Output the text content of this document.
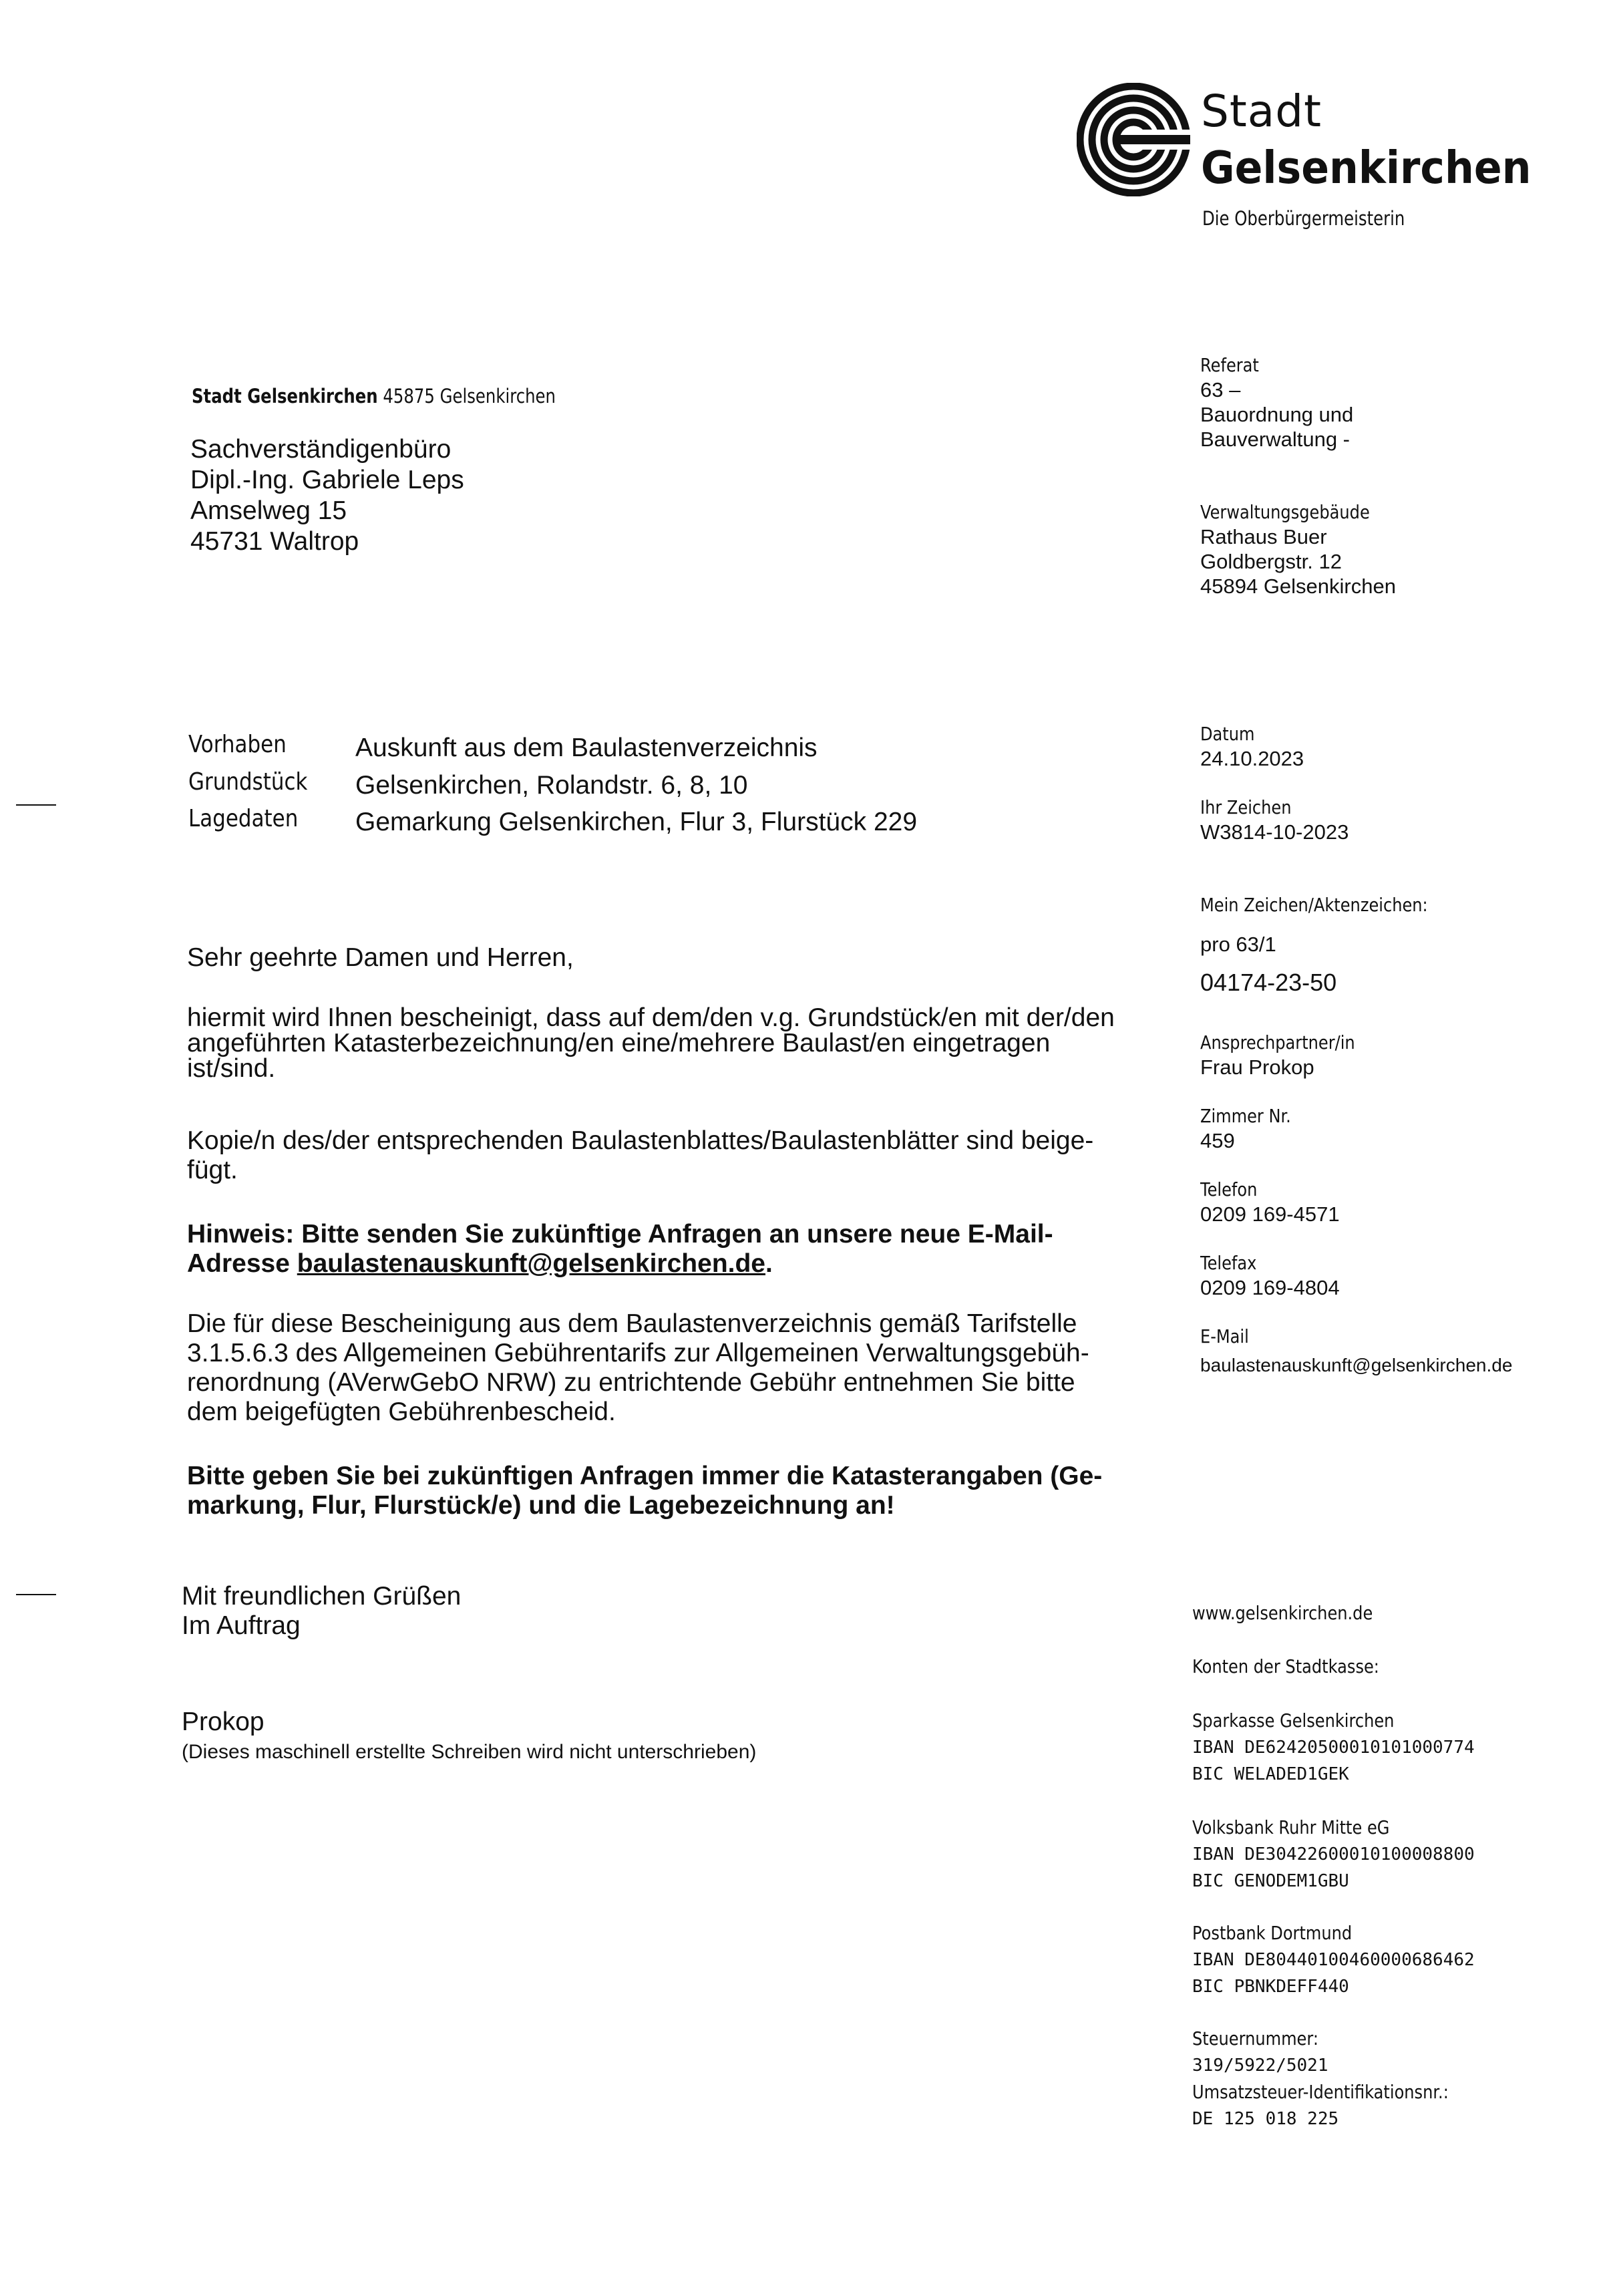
Stadt
Gelsenkirchen
Die Oberbürgermeisterin
Stadt Gelsenkirchen 45875 Gelsenkirchen
Sachverständigenbüro
Dipl.-Ing. Gabriele Leps
Amselweg 15
45731 Waltrop
Referat
63 –
Bauordnung und
Bauverwaltung -
Verwaltungsgebäude
Rathaus Buer
Goldbergstr. 12
45894 Gelsenkirchen
Vorhaben	Auskunft aus dem Baulastenverzeichnis
Grundstück Gelsenkirchen, Rolandstr. 6, 8, 10
Lagedaten Gemarkung Gelsenkirchen, Flur 3, Flurstück 229
Datum
24.10.2023
Ihr Zeichen
W3814-10-2023
Mein Zeichen/Aktenzeichen:
pro 63/1
04174-23-50
Ansprechpartner/in
Frau Prokop
Zimmer Nr.
459
Telefon
0209 169-4571
Telefax
0209 169-4804
E-Mail
baulastenauskunft@gelsenkirchen.de
Sehr geehrte Damen und Herren,
hiermit wird Ihnen bescheinigt, dass auf dem/den v.g. Grundstück/en mit der/den
angeführten Katasterbezeichnung/en eine/mehrere Baulast/en eingetragen
ist/sind.
Kopie/n des/der entsprechenden Baulastenblattes/Baulastenblätter sind beige-
fügt.
Hinweis: Bitte senden Sie zukünftige Anfragen an unsere neue E-Mail-
Adresse baulastenauskunft@gelsenkirchen.de.
Die für diese Bescheinigung aus dem Baulastenverzeichnis gemäß Tarifstelle
3.1.5.6.3 des Allgemeinen Gebührentarifs zur Allgemeinen Verwaltungsgebüh-
renordnung (AVerwGebO NRW) zu entrichtende Gebühr entnehmen Sie bitte
dem beigefügten Gebührenbescheid.
Bitte geben Sie bei zukünftigen Anfragen immer die Katasterangaben (Ge-
markung, Flur, Flurstück/e) und die Lagebezeichnung an!
Mit freundlichen Grüßen
Im Auftrag
Prokop
(Dieses maschinell erstellte Schreiben wird nicht unterschrieben)
www.gelsenkirchen.de
Konten der Stadtkasse:
Sparkasse Gelsenkirchen
IBAN DE62420500010101000774
BIC WELADED1GEK
Volksbank Ruhr Mitte eG
IBAN DE30422600010100008800
BIC GENODEM1GBU
Postbank Dortmund
IBAN DE80440100460000686462
BIC PBNKDEFF440
Steuernummer:
319/5922/5021
Umsatzsteuer-Identifikationsnr.:
DE 125 018 225
